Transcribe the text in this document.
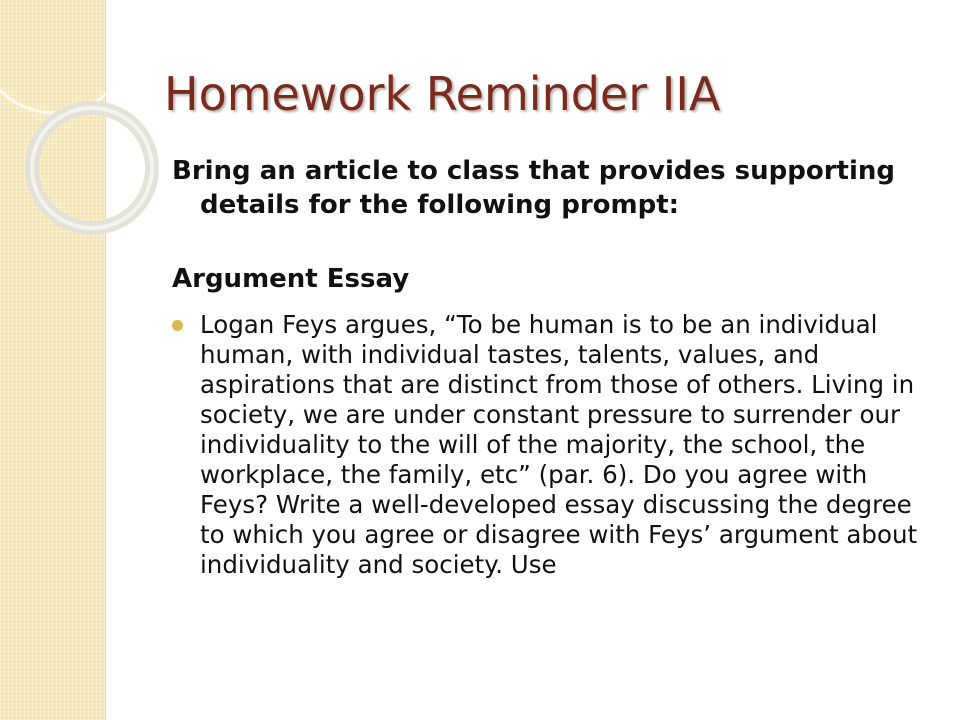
Homework Reminder IIA

Bring an article to class that provides supporting details for the following prompt:

Argument Essay

Logan Feys argues, “To be human is to be an individual human, with individual tastes, talents, values, and aspirations that are distinct from those of others. Living in society, we are under constant pressure to surrender our individuality to the will of the majority, the school, the workplace, the family, etc” (par. 6). Do you agree with Feys? Write a well-developed essay discussing the degree to which you agree or disagree with Feys’ argument about individuality and society. Use
